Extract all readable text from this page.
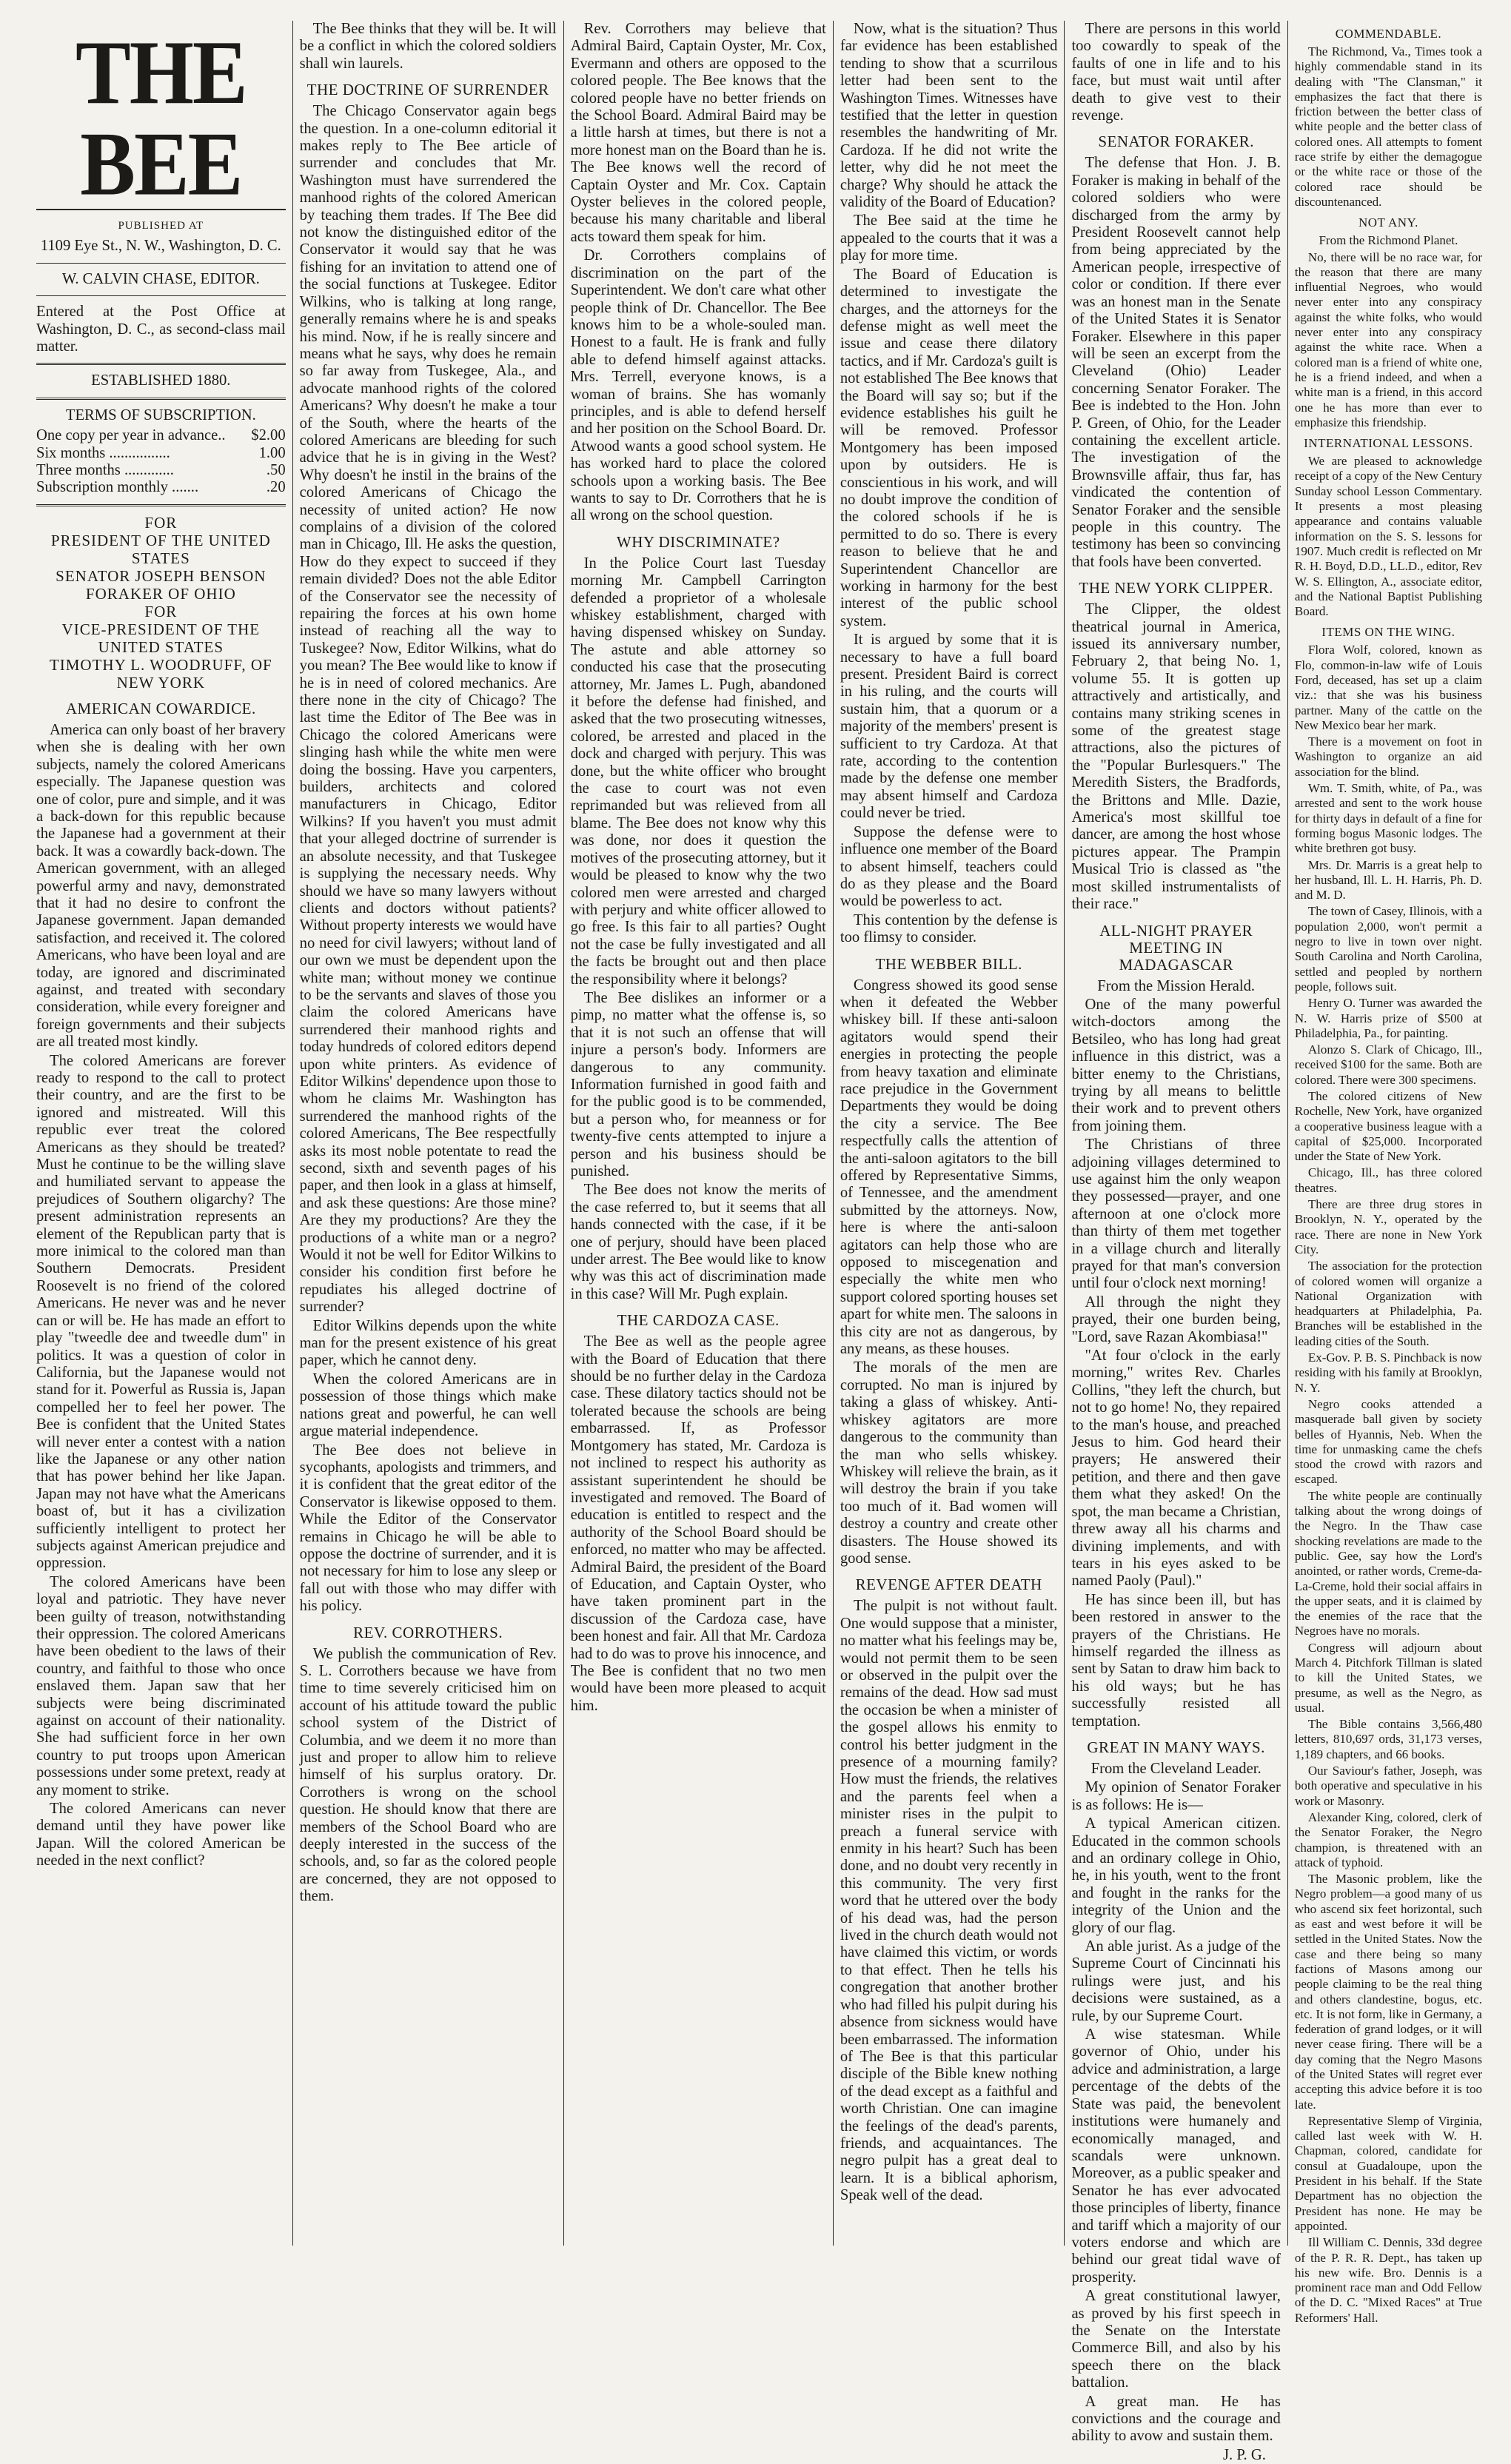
THE BEE

PUBLISHED AT

1109 Eye St., N. W., Washington, D. C.

W. CALVIN CHASE, EDITOR.

Entered at the Post Office at Washington, D. C., as second-class mail matter.

ESTABLISHED 1880.

TERMS OF SUBSCRIPTION.

One copy per year in advance.. $2.00
Six months ................	1.00
Three months .............	.50
Subscription monthly .......	.20

FOR

PRESIDENT OF THE UNITED STATES

SENATOR JOSEPH BENSON FORAKER OF OHIO

FOR

VICE-PRESIDENT OF THE UNITED STATES

TIMOTHY L. WOODRUFF, OF NEW YORK

AMERICAN COWARDICE.

America can only boast of her bravery when she is dealing with her own subjects, namely the colored Americans especially. The Japanese question was one of color, pure and simple, and it was a back-down for this republic because the Japanese had a government at their back. It was a cowardly back-down. The American government, with an alleged powerful army and navy, demonstrated that it had no desire to confront the Japanese government. Japan demanded satisfaction, and received it. The colored Americans, who have been loyal and are today, are ignored and discriminated against, and treated with secondary consideration, while every foreigner and foreign governments and their subjects are all treated most kindly.

The colored Americans are forever ready to respond to the call to protect their country, and are the first to be ignored and mistreated. Will this republic ever treat the colored Americans as they should be treated? Must he continue to be the willing slave and humiliated servant to appease the prejudices of Southern oligarchy? The present administration represents an element of the Republican party that is more inimical to the colored man than Southern Democrats. President Roosevelt is no friend of the colored Americans. He never was and he never can or will be. He has made an effort to play "tweedle dee and tweedle dum" in politics. It was a question of color in California, but the Japanese would not stand for it. Powerful as Russia is, Japan compelled her to feel her power. The Bee is confident that the United States will never enter a contest with a nation like the Japanese or any other nation that has power behind her like Japan. Japan may not have what the Americans boast of, but it has a civilization sufficiently intelligent to protect her subjects against American prejudice and oppression.

The colored Americans have been loyal and patriotic. They have never been guilty of treason, notwithstanding their oppression. The colored Americans have been obedient to the laws of their country, and faithful to those who once enslaved them. Japan saw that her subjects were being discriminated against on account of their nationality. She had sufficient force in her own country to put troops upon American possessions under some pretext, ready at any moment to strike.

The colored Americans can never demand until they have power like Japan. Will the colored American be needed in the next conflict?

The Bee thinks that they will be. It will be a conflict in which the colored soldiers shall win laurels.

THE DOCTRINE OF SURRENDER

The Chicago Conservator again begs the question. In a one-column editorial it makes reply to The Bee article of surrender and concludes that Mr. Washington must have surrendered the manhood rights of the colored American by teaching them trades. If The Bee did not know the distinguished editor of the Conservator it would say that he was fishing for an invitation to attend one of the social functions at Tuskegee. Editor Wilkins, who is talking at long range, generally remains where he is and speaks his mind. Now, if he is really sincere and means what he says, why does he remain so far away from Tuskegee, Ala., and advocate manhood rights of the colored Americans? Why doesn't he make a tour of the South, where the hearts of the colored Americans are bleeding for such advice that he is in giving in the West? Why doesn't he instil in the brains of the colored Americans of Chicago the necessity of united action? He now complains of a division of the colored man in Chicago, Ill. He asks the question, How do they expect to succeed if they remain divided? Does not the able Editor of the Conservator see the necessity of repairing the forces at his own home instead of reaching all the way to Tuskegee? Now, Editor Wilkins, what do you mean? The Bee would like to know if he is in need of colored mechanics. Are there none in the city of Chicago? The last time the Editor of The Bee was in Chicago the colored Americans were slinging hash while the white men were doing the bossing. Have you carpenters, builders, architects and colored manufacturers in Chicago, Editor Wilkins? If you haven't you must admit that your alleged doctrine of surrender is an absolute necessity, and that Tuskegee is supplying the necessary needs. Why should we have so many lawyers without clients and doctors without patients? Without property interests we would have no need for civil lawyers; without land of our own we must be dependent upon the white man; without money we continue to be the servants and slaves of those you claim the colored Americans have surrendered their manhood rights and today hundreds of colored editors depend upon white printers. As evidence of Editor Wilkins' dependence upon those to whom he claims Mr. Washington has surrendered the manhood rights of the colored Americans, The Bee respectfully asks its most noble potentate to read the second, sixth and seventh pages of his paper, and then look in a glass at himself, and ask these questions: Are those mine? Are they my productions? Are they the productions of a white man or a negro? Would it not be well for Editor Wilkins to consider his condition first before he repudiates his alleged doctrine of surrender?

Editor Wilkins depends upon the white man for the present existence of his great paper, which he cannot deny.

When the colored Americans are in possession of those things which make nations great and powerful, he can well argue material independence.

The Bee does not believe in sycophants, apologists and trimmers, and it is confident that the great editor of the Conservator is likewise opposed to them. While the Editor of the Conservator remains in Chicago he will be able to oppose the doctrine of surrender, and it is not necessary for him to lose any sleep or fall out with those who may differ with his policy.

REV. CORROTHERS.

We publish the communication of Rev. S. L. Corrothers because we have from time to time severely criticised him on account of his attitude toward the public school system of the District of Columbia, and we deem it no more than just and proper to allow him to relieve himself of his surplus oratory. Dr. Corrothers is wrong on the school question. He should know that there are members of the School Board who are deeply interested in the success of the schools, and, so far as the colored people are concerned, they are not opposed to them.

Rev. Corrothers may believe that Admiral Baird, Captain Oyster, Mr. Cox, Evermann and others are opposed to the colored people. The Bee knows that the colored people have no better friends on the School Board. Admiral Baird may be a little harsh at times, but there is not a more honest man on the Board than he is. The Bee knows well the record of Captain Oyster and Mr. Cox. Captain Oyster believes in the colored people, because his many charitable and liberal acts toward them speak for him.

Dr. Corrothers complains of discrimination on the part of the Superintendent. We don't care what other people think of Dr. Chancellor. The Bee knows him to be a whole-souled man. Honest to a fault. He is frank and fully able to defend himself against attacks. Mrs. Terrell, everyone knows, is a woman of brains. She has womanly principles, and is able to defend herself and her position on the School Board. Dr. Atwood wants a good school system. He has worked hard to place the colored schools upon a working basis. The Bee wants to say to Dr. Corrothers that he is all wrong on the school question.

WHY DISCRIMINATE?

In the Police Court last Tuesday morning Mr. Campbell Carrington defended a proprietor of a wholesale whiskey establishment, charged with having dispensed whiskey on Sunday. The astute and able attorney so conducted his case that the prosecuting attorney, Mr. James L. Pugh, abandoned it before the defense had finished, and asked that the two prosecuting witnesses, colored, be arrested and placed in the dock and charged with perjury. This was done, but the white officer who brought the case to court was not even reprimanded but was relieved from all blame. The Bee does not know why this was done, nor does it question the motives of the prosecuting attorney, but it would be pleased to know why the two colored men were arrested and charged with perjury and white officer allowed to go free. Is this fair to all parties? Ought not the case be fully investigated and all the facts be brought out and then place the responsibility where it belongs?

The Bee dislikes an informer or a pimp, no matter what the offense is, so that it is not such an offense that will injure a person's body. Informers are dangerous to any community. Information furnished in good faith and for the public good is to be commended, but a person who, for meanness or for twenty-five cents attempted to injure a person and his business should be punished.

The Bee does not know the merits of the case referred to, but it seems that all hands connected with the case, if it be one of perjury, should have been placed under arrest. The Bee would like to know why was this act of discrimination made in this case? Will Mr. Pugh explain.

THE CARDOZA CASE.

The Bee as well as the people agree with the Board of Education that there should be no further delay in the Cardoza case. These dilatory tactics should not be tolerated because the schools are being embarrassed. If, as Professor Montgomery has stated, Mr. Cardoza is not inclined to respect his authority as assistant superintendent he should be investigated and removed. The Board of education is entitled to respect and the authority of the School Board should be enforced, no matter who may be affected. Admiral Baird, the president of the Board of Education, and Captain Oyster, who have taken prominent part in the discussion of the Cardoza case, have been honest and fair. All that Mr. Cardoza had to do was to prove his innocence, and The Bee is confident that no two men would have been more pleased to acquit him.

Now, what is the situation? Thus far evidence has been established tending to show that a scurrilous letter had been sent to the Washington Times. Witnesses have testified that the letter in question resembles the handwriting of Mr. Cardoza. If he did not write the letter, why did he not meet the charge? Why should he attack the validity of the Board of Education?

The Bee said at the time he appealed to the courts that it was a play for more time.

The Board of Education is determined to investigate the charges, and the attorneys for the defense might as well meet the issue and cease there dilatory tactics, and if Mr. Cardoza's guilt is not established The Bee knows that the Board will say so; but if the evidence establishes his guilt he will be removed. Professor Montgomery has been imposed upon by outsiders. He is conscientious in his work, and will no doubt improve the condition of the colored schools if he is permitted to do so. There is every reason to believe that he and Superintendent Chancellor are working in harmony for the best interest of the public school system.

It is argued by some that it is necessary to have a full board present. President Baird is correct in his ruling, and the courts will sustain him, that a quorum or a majority of the members' present is sufficient to try Cardoza. At that rate, according to the contention made by the defense one member may absent himself and Cardoza could never be tried.

Suppose the defense were to influence one member of the Board to absent himself, teachers could do as they please and the Board would be powerless to act.

This contention by the defense is too flimsy to consider.

THE WEBBER BILL.

Congress showed its good sense when it defeated the Webber whiskey bill. If these anti-saloon agitators would spend their energies in protecting the people from heavy taxation and eliminate race prejudice in the Government Departments they would be doing the city a service. The Bee respectfully calls the attention of the anti-saloon agitators to the bill offered by Representative Simms, of Tennessee, and the amendment submitted by the attorneys. Now, here is where the anti-saloon agitators can help those who are opposed to miscegenation and especially the white men who support colored sporting houses set apart for white men. The saloons in this city are not as dangerous, by any means, as these houses.

The morals of the men are corrupted. No man is injured by taking a glass of whiskey. Anti-whiskey agitators are more dangerous to the community than the man who sells whiskey. Whiskey will relieve the brain, as it will destroy the brain if you take too much of it. Bad women will destroy a country and create other disasters. The House showed its good sense.

REVENGE AFTER DEATH

The pulpit is not without fault. One would suppose that a minister, no matter what his feelings may be, would not permit them to be seen or observed in the pulpit over the remains of the dead. How sad must the occasion be when a minister of the gospel allows his enmity to control his better judgment in the presence of a mourning family? How must the friends, the relatives and the parents feel when a minister rises in the pulpit to preach a funeral service with enmity in his heart? Such has been done, and no doubt very recently in this community. The very first word that he uttered over the body of his dead was, had the person lived in the church death would not have claimed this victim, or words to that effect. Then he tells his congregation that another brother who had filled his pulpit during his absence from sickness would have been embarrassed. The information of The Bee is that this particular disciple of the Bible knew nothing of the dead except as a faithful and worth Christian. One can imagine the feelings of the dead's parents, friends, and acquaintances. The negro pulpit has a great deal to learn. It is a biblical aphorism, Speak well of the dead.

There are persons in this world too cowardly to speak of the faults of one in life and to his face, but must wait until after death to give vest to their revenge.

SENATOR FORAKER.

The defense that Hon. J. B. Foraker is making in behalf of the colored soldiers who were discharged from the army by President Roosevelt cannot help from being appreciated by the American people, irrespective of color or condition. If there ever was an honest man in the Senate of the United States it is Senator Foraker. Elsewhere in this paper will be seen an excerpt from the Cleveland (Ohio) Leader concerning Senator Foraker. The Bee is indebted to the Hon. John P. Green, of Ohio, for the Leader containing the excellent article. The investigation of the Brownsville affair, thus far, has vindicated the contention of Senator Foraker and the sensible people in this country. The testimony has been so convincing that fools have been converted.

THE NEW YORK CLIPPER.

The Clipper, the oldest theatrical journal in America, issued its anniversary number, February 2, that being No. 1, volume 55. It is gotten up attractively and artistically, and contains many striking scenes in some of the greatest stage attractions, also the pictures of the "Popular Burlesquers." The Meredith Sisters, the Bradfords, the Brittons and Mlle. Dazie, America's most skillful toe dancer, are among the host whose pictures appear. The Prampin Musical Trio is classed as "the most skilled instrumentalists of their race."

ALL-NIGHT PRAYER MEETING IN MADAGASCAR

From the Mission Herald.

One of the many powerful witch-doctors among the Betsileo, who has long had great influence in this district, was a bitter enemy to the Christians, trying by all means to belittle their work and to prevent others from joining them.

The Christians of three adjoining villages determined to use against him the only weapon they possessed—prayer, and one afternoon at one o'clock more than thirty of them met together in a village church and literally prayed for that man's conversion until four o'clock next morning!

All through the night they prayed, their one burden being, "Lord, save Razan Akombiasa!"

"At four o'clock in the early morning," writes Rev. Charles Collins, "they left the church, but not to go home! No, they repaired to the man's house, and preached Jesus to him. God heard their prayers; He answered their petition, and there and then gave them what they asked! On the spot, the man became a Christian, threw away all his charms and divining implements, and with tears in his eyes asked to be named Paoly (Paul)."

He has since been ill, but has been restored in answer to the prayers of the Christians. He himself regarded the illness as sent by Satan to draw him back to his old ways; but he has successfully resisted all temptation.

GREAT IN MANY WAYS.

From the Cleveland Leader.

My opinion of Senator Foraker is as follows: He is—

A typical American citizen. Educated in the common schools and an ordinary college in Ohio, he, in his youth, went to the front and fought in the ranks for the integrity of the Union and the glory of our flag.

An able jurist. As a judge of the Supreme Court of Cincinnati his rulings were just, and his decisions were sustained, as a rule, by our Supreme Court.

A wise statesman. While governor of Ohio, under his advice and administration, a large percentage of the debts of the State was paid, the benevolent institutions were humanely and economically managed, and scandals were unknown. Moreover, as a public speaker and Senator he has ever advocated those principles of liberty, finance and tariff which a majority of our voters endorse and which are behind our great tidal wave of prosperity.

A great constitutional lawyer, as proved by his first speech in the Senate on the Interstate Commerce Bill, and also by his speech there on the black battalion.

A great man. He has convictions and the courage and ability to avow and sustain them.

J. P. G.

COMMENDABLE.

The Richmond, Va., Times took a highly commendable stand in its dealing with "The Clansman," it emphasizes the fact that there is friction between the better class of white people and the better class of colored ones. All attempts to foment race strife by either the demagogue or the white race or those of the colored race should be discountenanced.

NOT ANY.

From the Richmond Planet.

No, there will be no race war, for the reason that there are many influential Negroes, who would never enter into any conspiracy against the white folks, who would never enter into any conspiracy against the white race. When a colored man is a friend of white one, he is a friend indeed, and when a white man is a friend, in this accord one he has more than ever to emphasize this friendship.

INTERNATIONAL LESSONS.

We are pleased to acknowledge receipt of a copy of the New Century Sunday school Lesson Commentary. It presents a most pleasing appearance and contains valuable information on the S. S. lessons for 1907. Much credit is reflected on Mr R. H. Boyd, D.D., LL.D., editor, Rev W. S. Ellington, A., associate editor, and the National Baptist Publishing Board.

ITEMS ON THE WING.

Flora Wolf, colored, known as Flo, common-in-law wife of Louis Ford, deceased, has set up a claim viz.: that she was his business partner. Many of the cattle on the New Mexico bear her mark.

There is a movement on foot in Washington to organize an aid association for the blind.

Wm. T. Smith, white, of Pa., was arrested and sent to the work house for thirty days in default of a fine for forming bogus Masonic lodges. The white brethren got busy.

Mrs. Dr. Marris is a great help to her husband, Ill. L. H. Harris, Ph. D. and M. D.

The town of Casey, Illinois, with a population 2,000, won't permit a negro to live in town over night. South Carolina and North Carolina, settled and peopled by northern people, follows suit.

Henry O. Turner was awarded the N. W. Harris prize of $500 at Philadelphia, Pa., for painting.

Alonzo S. Clark of Chicago, Ill., received $100 for the same. Both are colored. There were 300 specimens.

The colored citizens of New Rochelle, New York, have organized a cooperative business league with a capital of $25,000. Incorporated under the State of New York.

Chicago, Ill., has three colored theatres.

There are three drug stores in Brooklyn, N. Y., operated by the race. There are none in New York City.

The association for the protection of colored women will organize a National Organization with headquarters at Philadelphia, Pa. Branches will be established in the leading cities of the South.

Ex-Gov. P. B. S. Pinchback is now residing with his family at Brooklyn, N. Y.

Negro cooks attended a masquerade ball given by society belles of Hyannis, Neb. When the time for unmasking came the chefs stood the crowd with razors and escaped.

The white people are continually talking about the wrong doings of the Negro. In the Thaw case shocking revelations are made to the public. Gee, say how the Lord's anointed, or rather words, Creme-da-La-Creme, hold their social affairs in the upper seats, and it is claimed by the enemies of the race that the Negroes have no morals.

Congress will adjourn about March 4. Pitchfork Tillman is slated to kill the United States, we presume, as well as the Negro, as usual.

The Bible contains 3,566,480 letters, 810,697 ords, 31,173 verses, 1,189 chapters, and 66 books.

Our Saviour's father, Joseph, was both operative and speculative in his work or Masonry.

Alexander King, colored, clerk of the Senator Foraker, the Negro champion, is threatened with an attack of typhoid.

The Masonic problem, like the Negro problem—a good many of us who ascend six feet horizontal, such as east and west before it will be settled in the United States. Now the case and there being so many factions of Masons among our people claiming to be the real thing and others clandestine, bogus, etc. etc. It is not form, like in Germany, a federation of grand lodges, or it will never cease firing. There will be a day coming that the Negro Masons of the United States will regret ever accepting this advice before it is too late.

Representative Slemp of Virginia, called last week with W. H. Chapman, colored, candidate for consul at Guadaloupe, upon the President in his behalf. If the State Department has no objection the President has none. He may be appointed.

Ill William C. Dennis, 33d degree of the P. R. R. Dept., has taken up his new wife. Bro. Dennis is a prominent race man and Odd Fellow of the D. C. "Mixed Races" at True Reformers' Hall.
